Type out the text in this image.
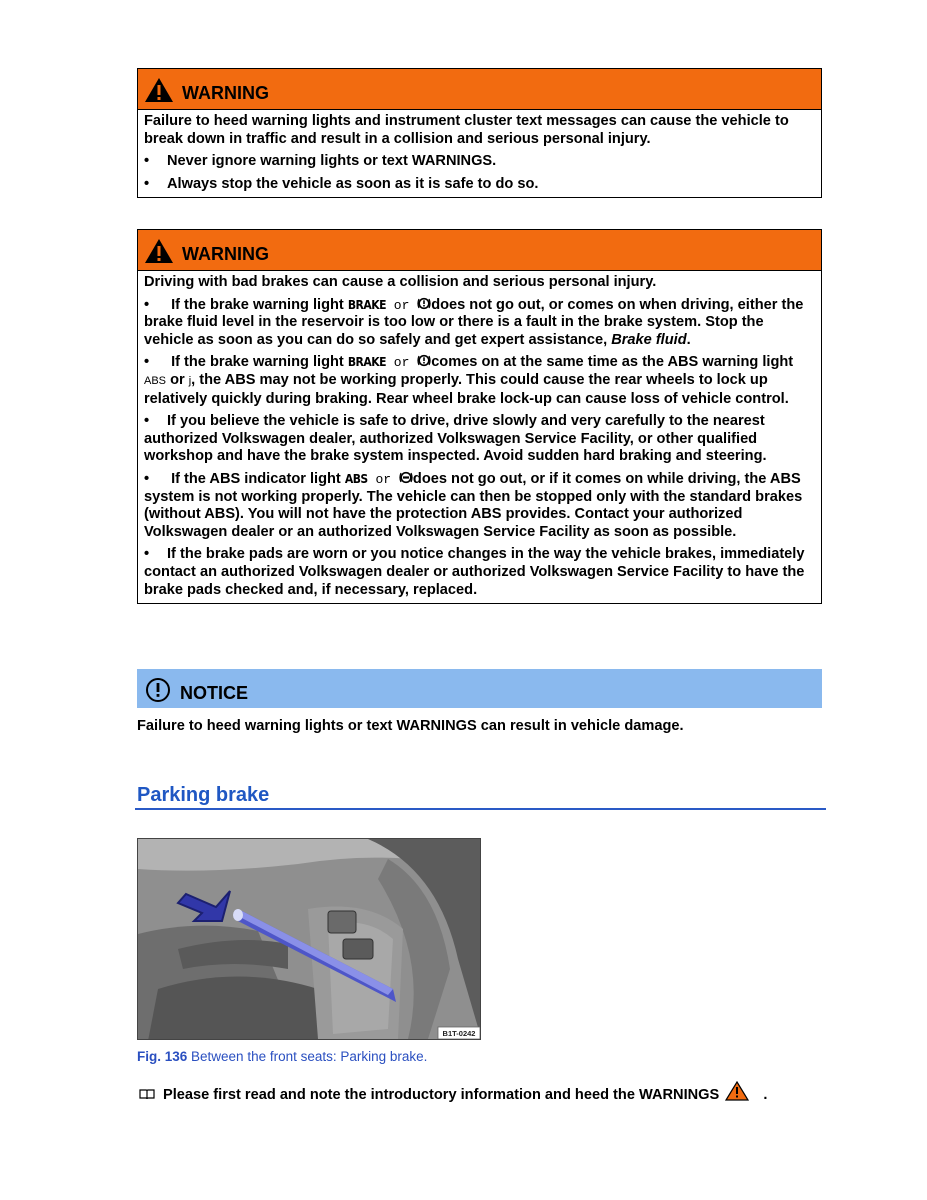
WARNING
Failure to heed warning lights and instrument cluster text messages can cause the vehicle to break down in traffic and result in a collision and serious personal injury.
• Never ignore warning lights or text WARNINGS.
• Always stop the vehicle as soon as it is safe to do so.
WARNING
Driving with bad brakes can cause a collision and serious personal injury.
• If the brake warning light BRAKE or does not go out, or comes on when driving, either the brake fluid level in the reservoir is too low or there is a fault in the brake system. Stop the vehicle as soon as you can do so safely and get expert assistance, Brake fluid.
• If the brake warning light BRAKE or comes on at the same time as the ABS warning light ABS or j, the ABS may not be working properly. This could cause the rear wheels to lock up relatively quickly during braking. Rear wheel brake lock-up can cause loss of vehicle control.
• If you believe the vehicle is safe to drive, drive slowly and very carefully to the nearest authorized Volkswagen dealer, authorized Volkswagen Service Facility, or other qualified workshop and have the brake system inspected. Avoid sudden hard braking and steering.
• If the ABS indicator light ABS or does not go out, or if it comes on while driving, the ABS system is not working properly. The vehicle can then be stopped only with the standard brakes (without ABS). You will not have the protection ABS provides. Contact your authorized Volkswagen dealer or an authorized Volkswagen Service Facility as soon as possible.
• If the brake pads are worn or you notice changes in the way the vehicle brakes, immediately contact an authorized Volkswagen dealer or authorized Volkswagen Service Facility to have the brake pads checked and, if necessary, replaced.
NOTICE
Failure to heed warning lights or text WARNINGS can result in vehicle damage.
Parking brake
B1T-0242
Fig. 136 Between the front seats: Parking brake.
Please first read and note the introductory information and heed the WARNINGS	.
